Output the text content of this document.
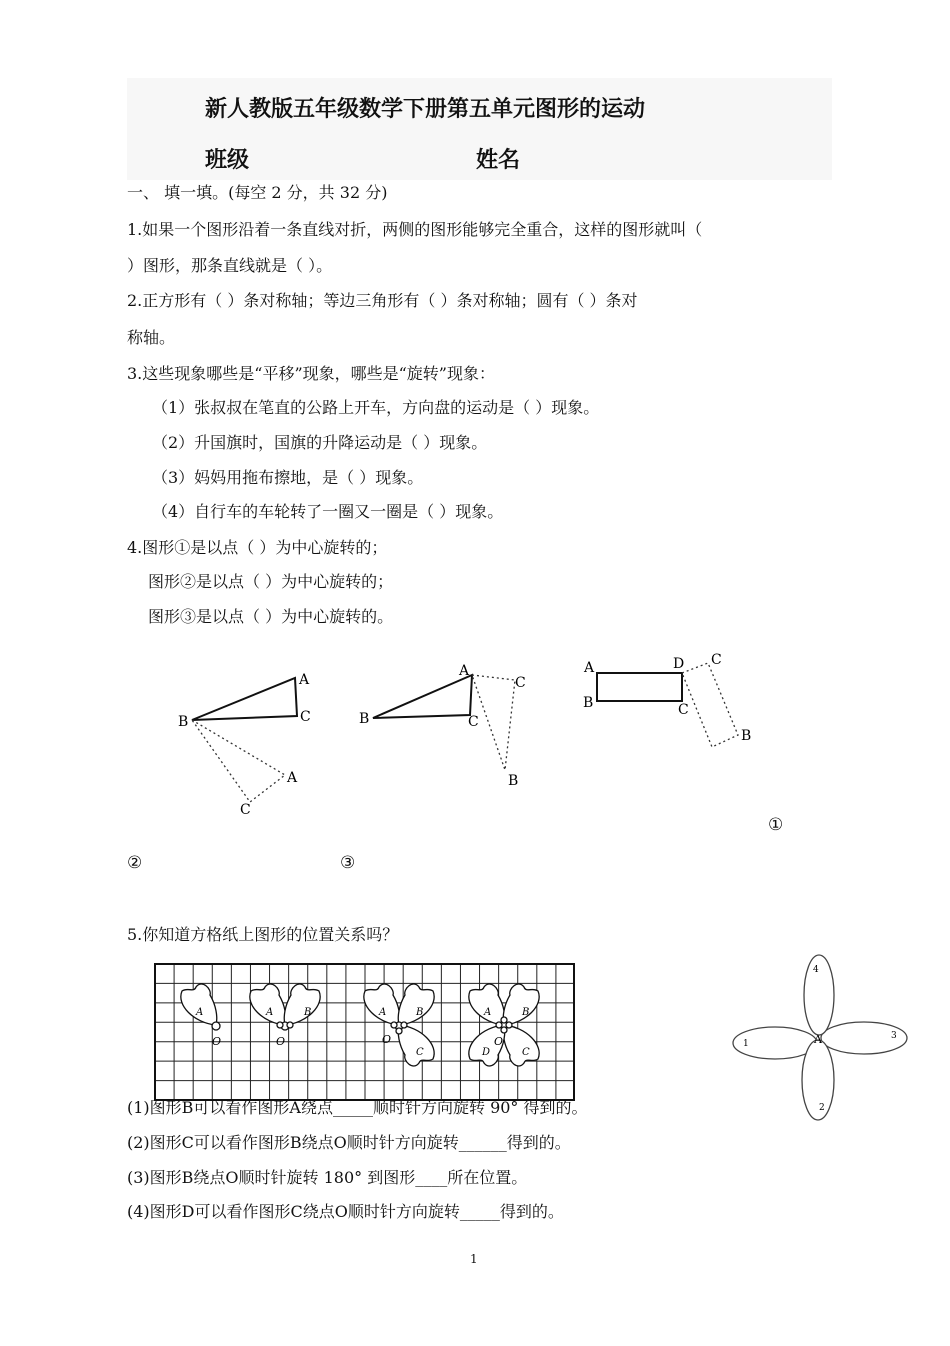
新人教版五年级数学下册第五单元图形的运动
班级	姓名
一、 填一填。(每空 2 分，共 32 分)
1.如果一个图形沿着一条直线对折，两侧的图形能够完全重合，这样的图形就叫（
）图形，那条直线就是（ ）。
2.正方形有（ ）条对称轴；等边三角形有（ ）条对称轴；圆有（ ）条对
称轴。
3.这些现象哪些是“平移”现象，哪些是“旋转”现象：
（1）张叔叔在笔直的公路上开车，方向盘的运动是（ ）现象。
（2）升国旗时，国旗的升降运动是（ ）现象。
（3）妈妈用拖布擦地，是（ ）现象。
（4）自行车的车轮转了一圈又一圈是（ ）现象。
4.图形①是以点（ ）为中心旋转的；
图形②是以点（ ）为中心旋转的；
图形③是以点（ ）为中心旋转的。
B
A
C
A
C
B
A
C
C
B
A
B
D C
C
B
①
②	③
5.你知道方格纸上图形的位置关系吗？
A
O
A	B
O
A	B
C
O
A	B
C
D
O	1
2
3
4
A
(1)图形B可以看作图形A绕点_____顺时针方向旋转 90° 得到的。
(2)图形C可以看作图形B绕点O顺时针方向旋转______得到的。
(3)图形B绕点O顺时针旋转 180° 到图形____所在位置。
(4)图形D可以看作图形C绕点O顺时针方向旋转_____得到的。
1
